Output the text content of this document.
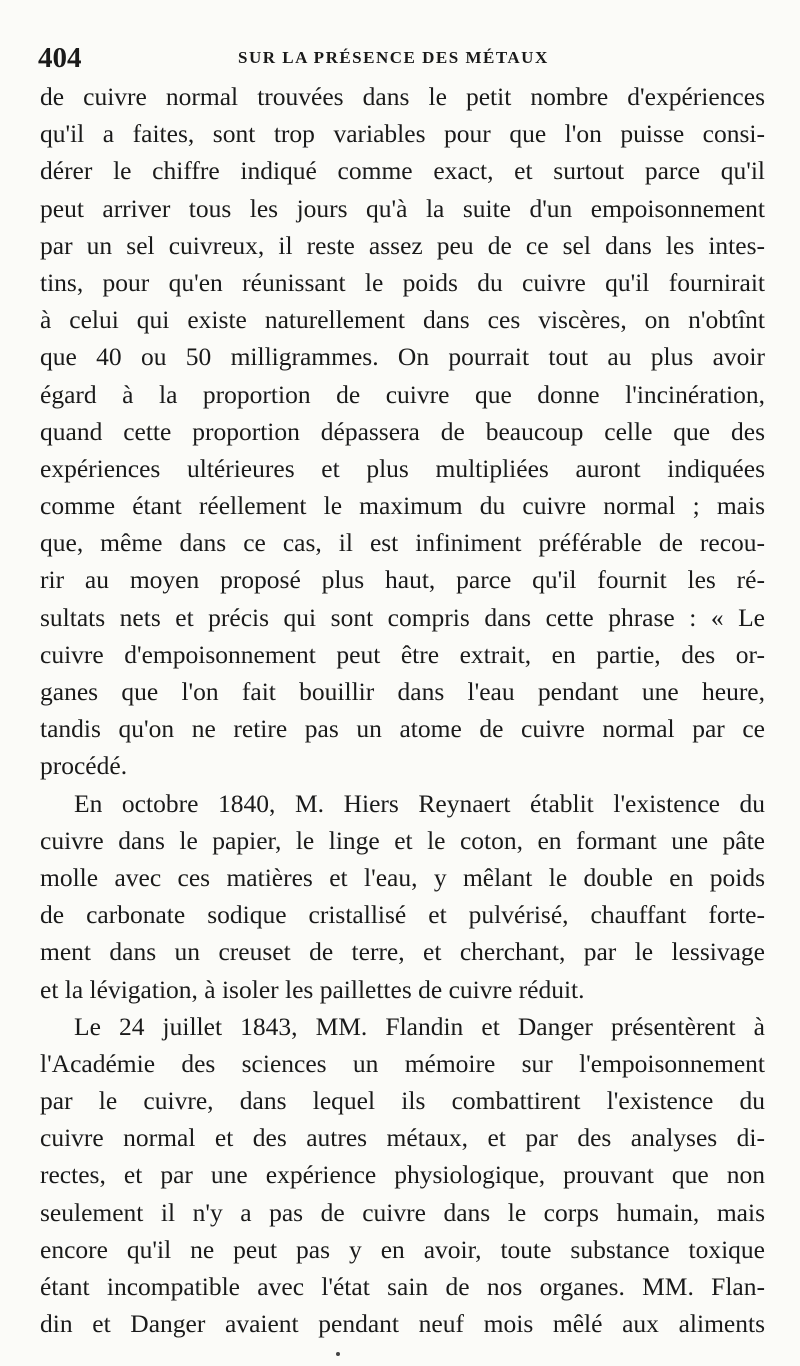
404	SUR LA PRÉSENCE DES MÉTAUX
de cuivre normal trouvées dans le petit nombre d'expériences
qu'il a faites, sont trop variables pour que l'on puisse consi-
dérer le chiffre indiqué comme exact, et surtout parce qu'il
peut arriver tous les jours qu'à la suite d'un empoisonnement
par un sel cuivreux, il reste assez peu de ce sel dans les intes-
tins, pour qu'en réunissant le poids du cuivre qu'il fournirait
à celui qui existe naturellement dans ces viscères, on n'obtînt
que 40 ou 50 milligrammes. On pourrait tout au plus avoir
égard à la proportion de cuivre que donne l'incinération,
quand cette proportion dépassera de beaucoup celle que des
expériences ultérieures et plus multipliées auront indiquées
comme étant réellement le maximum du cuivre normal ; mais
que, même dans ce cas, il est infiniment préférable de recou-
rir au moyen proposé plus haut, parce qu'il fournit les ré-
sultats nets et précis qui sont compris dans cette phrase : « Le
cuivre d'empoisonnement peut être extrait, en partie, des or-
ganes que l'on fait bouillir dans l'eau pendant une heure,
tandis qu'on ne retire pas un atome de cuivre normal par ce
procédé.
En octobre 1840, M. Hiers Reynaert établit l'existence du
cuivre dans le papier, le linge et le coton, en formant une pâte
molle avec ces matières et l'eau, y mêlant le double en poids
de carbonate sodique cristallisé et pulvérisé, chauffant forte-
ment dans un creuset de terre, et cherchant, par le lessivage
et la lévigation, à isoler les paillettes de cuivre réduit.
Le 24 juillet 1843, MM. Flandin et Danger présentèrent à
l'Académie des sciences un mémoire sur l'empoisonnement
par le cuivre, dans lequel ils combattirent l'existence du
cuivre normal et des autres métaux, et par des analyses di-
rectes, et par une expérience physiologique, prouvant que non
seulement il n'y a pas de cuivre dans le corps humain, mais
encore qu'il ne peut pas y en avoir, toute substance toxique
étant incompatible avec l'état sain de nos organes. MM. Flan-
din et Danger avaient pendant neuf mois mêlé aux aliments
